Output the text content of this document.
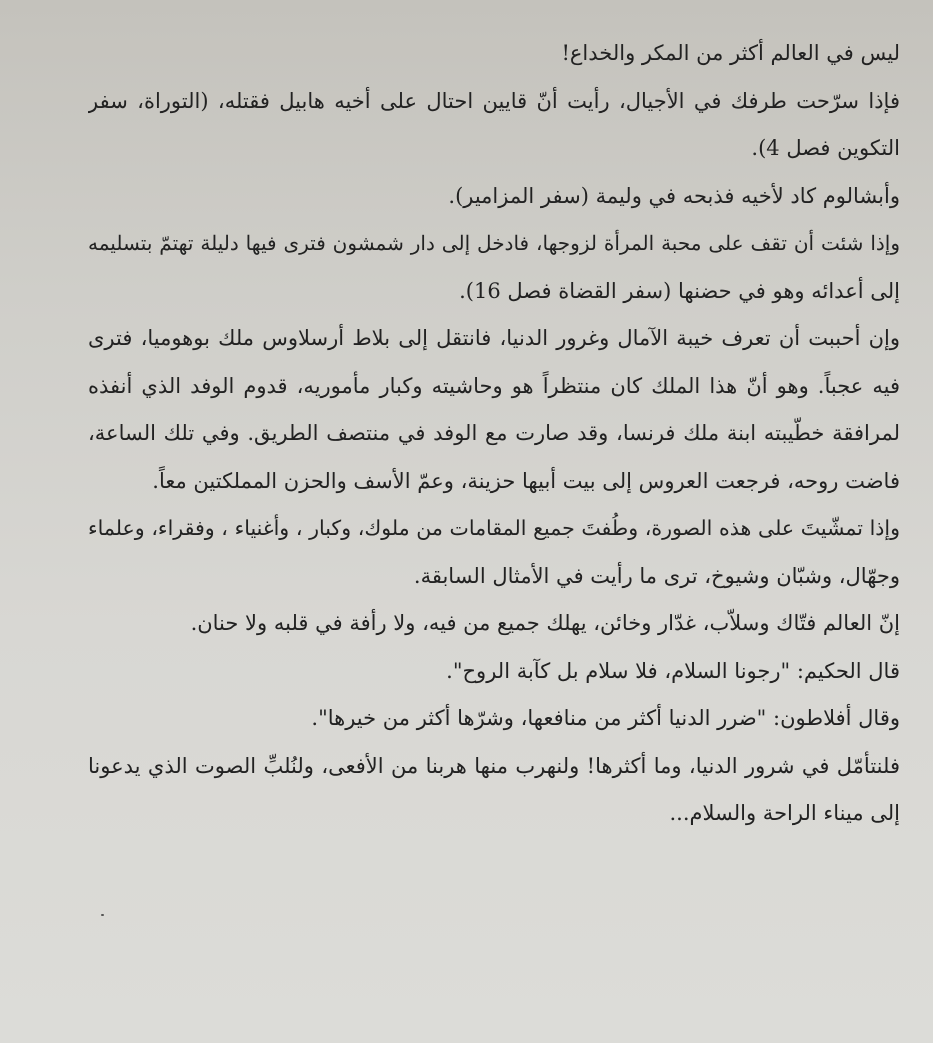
ليس في العالم أكثر من المكر والخداع!
فإذا سرّحت طرفك في الأجيال، رأيت أنّ قايين احتال على أخيه هابيل فقتله، (التوراة، سفر
التكوين فصل 4).
وأبشالوم كاد لأخيه فذبحه في وليمة (سفر المزامير).
وإذا شئت أن تقف على محبة المرأة لزوجها، فادخل إلى دار شمشون فترى فيها دليلة تهتمّ بتسليمه
إلى أعدائه وهو في حضنها (سفر القضاة فصل 16).
وإن أحببت أن تعرف خيبة الآمال وغرور الدنيا، فانتقل إلى بلاط أرسلاوس ملك بوهوميا، فترى
فيه عجباً. وهو أنّ هذا الملك كان منتظراً هو وحاشيته وكبار مأموريه، قدوم الوفد الذي أنفذه
لمرافقة خطّيبته ابنة ملك فرنسا، وقد صارت مع الوفد في منتصف الطريق. وفي تلك الساعة،
فاضت روحه، فرجعت العروس إلى بيت أبيها حزينة، وعمّ الأسف والحزن المملكتين معاً.
وإذا تمشّيتَ على هذه الصورة، وطُفتَ جميع المقامات من ملوك، وكبار ، وأغنياء ، وفقراء، وعلماء
وجهّال، وشبّان وشيوخ، ترى ما رأيت في الأمثال السابقة.
إنّ العالم فتّاك وسلاّب، غدّار وخائن، يهلك جميع من فيه، ولا رأفة في قلبه ولا حنان.
قال الحكيم: "رجونا السلام، فلا سلام بل كآبة الروح".
وقال أفلاطون: "ضرر الدنيا أكثر من منافعها، وشرّها أكثر من خيرها".
فلنتأمّل في شرور الدنيا، وما أكثرها! ولنهرب منها هربنا من الأفعى، ولنُلبِّ الصوت الذي يدعونا
إلى ميناء الراحة والسلام...
